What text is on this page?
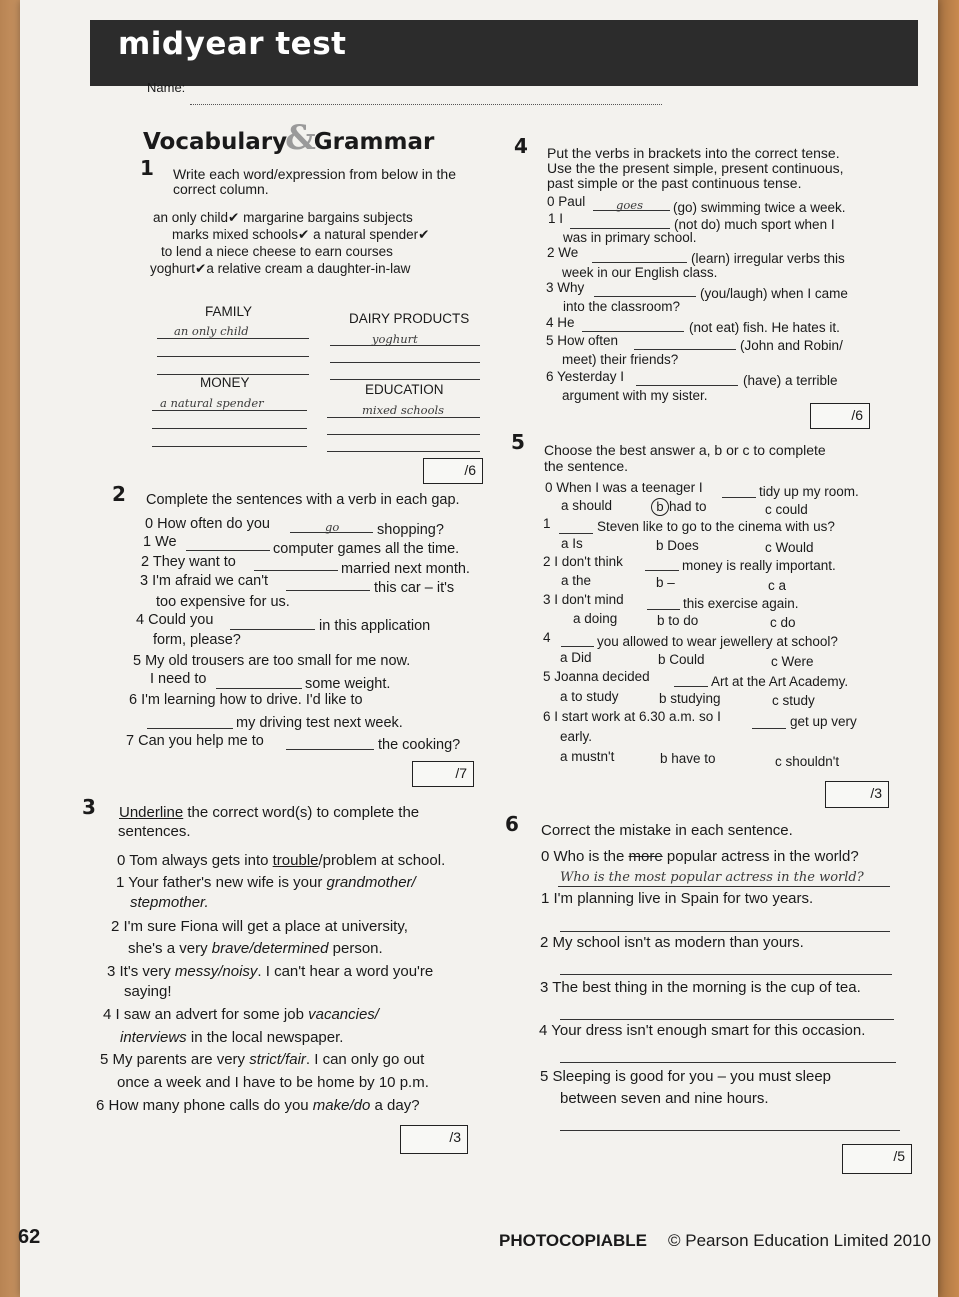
midyear test
Name:
Vocabulary&Grammar
1 Write each word/expression from below in the
correct column.
an only child✔ margarine bargains subjects
marks mixed schools✔ a natural spender✔
to lend a niece cheese to earn courses
yoghurt✔a relative cream a daughter-in-law
FAMILY
an only child
DAIRY PRODUCTS
yoghurt
MONEY
a natural spender
EDUCATION
mixed schools
/6
2 Complete the sentences with a verb in each gap.
0 How often do you	go	shopping?
1 We	computer games all the time.
2 They want to	married next month.
3 I'm afraid we can't	this car – it's
too expensive for us.
4 Could you	in this application
form, please?
5 My old trousers are too small for me now.
I need to	some weight.
6 I'm learning how to drive. I'd like to
my driving test next week.
7 Can you help me to	the cooking?
/7
3 Underline the correct word(s) to complete the
sentences.
0 Tom always gets into trouble/problem at school.
1 Your father's new wife is your grandmother/
stepmother.
2 I'm sure Fiona will get a place at university,
she's a very brave/determined person.
3 It's very messy/noisy. I can't hear a word you're
saying!
4 I saw an advert for some job vacancies/
interviews in the local newspaper.
5 My parents are very strict/fair. I can only go out
once a week and I have to be home by 10 p.m.
6 How many phone calls do you make/do a day?
/3
4 Put the verbs in brackets into the correct tense.
Use the the present simple, present continuous,
past simple or the past continuous tense.
0 Paul	goes (go) swimming twice a week.
1 I	(not do) much sport when I
was in primary school.
2 We	(learn) irregular verbs this
week in our English class.
3 Why	(you/laugh) when I came
into the classroom?
4 He	(not eat) fish. He hates it.
5 How often	(John and Robin/
meet) their friends?
6 Yesterday I	(have) a terrible
argument with my sister.
/6
5 Choose the best answer a, b or c to complete
the sentence.
0 When I was a teenager I	tidy up my room.
a should	b had to	c could
1	Steven like to go to the cinema with us?
a Is	b Does	c Would
2 I don't think	money is really important.
a the	b –	c a
3 I don't mind	this exercise again.
a doing	b to do	c do
4	you allowed to wear jewellery at school?
a Did	b Could	c Were
5 Joanna decided	Art at the Art Academy.
a to study	b studying	c study
6 I start work at 6.30 a.m. so I	get up very
early.
a mustn't	b have to	c shouldn't
/3
6 Correct the mistake in each sentence.
0 Who is the more popular actress in the world?
Who is the most popular actress in the world?
1 I'm planning live in Spain for two years.
2 My school isn't as modern than yours.
3 The best thing in the morning is the cup of tea.
4 Your dress isn't enough smart for this occasion.
5 Sleeping is good for you – you must sleep
between seven and nine hours.
/5
62	PHOTOCOPIABLE © Pearson Education Limited 2010
